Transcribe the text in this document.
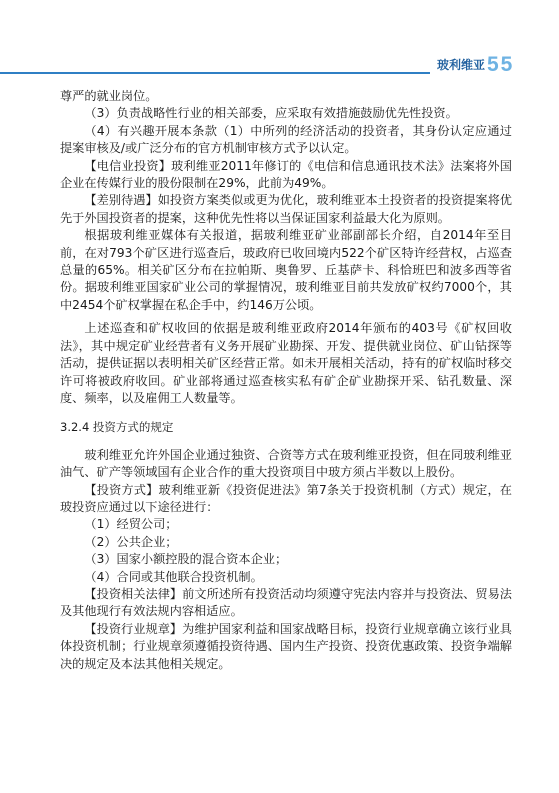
玻利维亚 55

尊严的就业岗位。

（3）负责战略性行业的相关部委，应采取有效措施鼓励优先性投资。

（4）有兴趣开展本条款（1）中所列的经济活动的投资者，其身份认定应通过提案审核及/或广泛分布的官方机制审核方式予以认定。

【电信业投资】玻利维亚2011年修订的《电信和信息通讯技术法》法案将外国企业在传媒行业的股份限制在29%，此前为49%。

【差别待遇】如投资方案类似或更为优化，玻利维亚本土投资者的投资提案将优先于外国投资者的提案，这种优先性将以当保证国家利益最大化为原则。

根据玻利维亚媒体有关报道，据玻利维亚矿业部副部长介绍，自2014年至目前，在对793个矿区进行巡查后，玻政府已收回境内522个矿区特许经营权，占巡查总量的65%。相关矿区分布在拉帕斯、奥鲁罗、丘基萨卡、科恰班巴和波多西等省份。据玻利维亚国家矿业公司的掌握情况，玻利维亚目前共发放矿权约7000个，其中2454个矿权掌握在私企手中，约146万公顷。

上述巡查和矿权收回的依据是玻利维亚政府2014年颁布的403号《矿权回收法》，其中规定矿业经营者有义务开展矿业勘探、开发、提供就业岗位、矿山钻探等活动，提供证据以表明相关矿区经营正常。如未开展相关活动，持有的矿权临时移交许可将被政府收回。矿业部将通过巡查核实私有矿企矿业勘探开采、钻孔数量、深度、频率，以及雇佣工人数量等。

3.2.4 投资方式的规定

玻利维亚允许外国企业通过独资、合资等方式在玻利维亚投资，但在同玻利维亚油气、矿产等领域国有企业合作的重大投资项目中玻方须占半数以上股份。

【投资方式】玻利维亚新《投资促进法》第7条关于投资机制（方式）规定，在玻投资应通过以下途径进行：

（1）经贸公司；

（2）公共企业；

（3）国家小额控股的混合资本企业；

（4）合同或其他联合投资机制。

【投资相关法律】前文所述所有投资活动均须遵守宪法内容并与投资法、贸易法及其他现行有效法规内容相适应。

【投资行业规章】为维护国家利益和国家战略目标，投资行业规章确立该行业具体投资机制；行业规章须遵循投资待遇、国内生产投资、投资优惠政策、投资争端解决的规定及本法其他相关规定。
